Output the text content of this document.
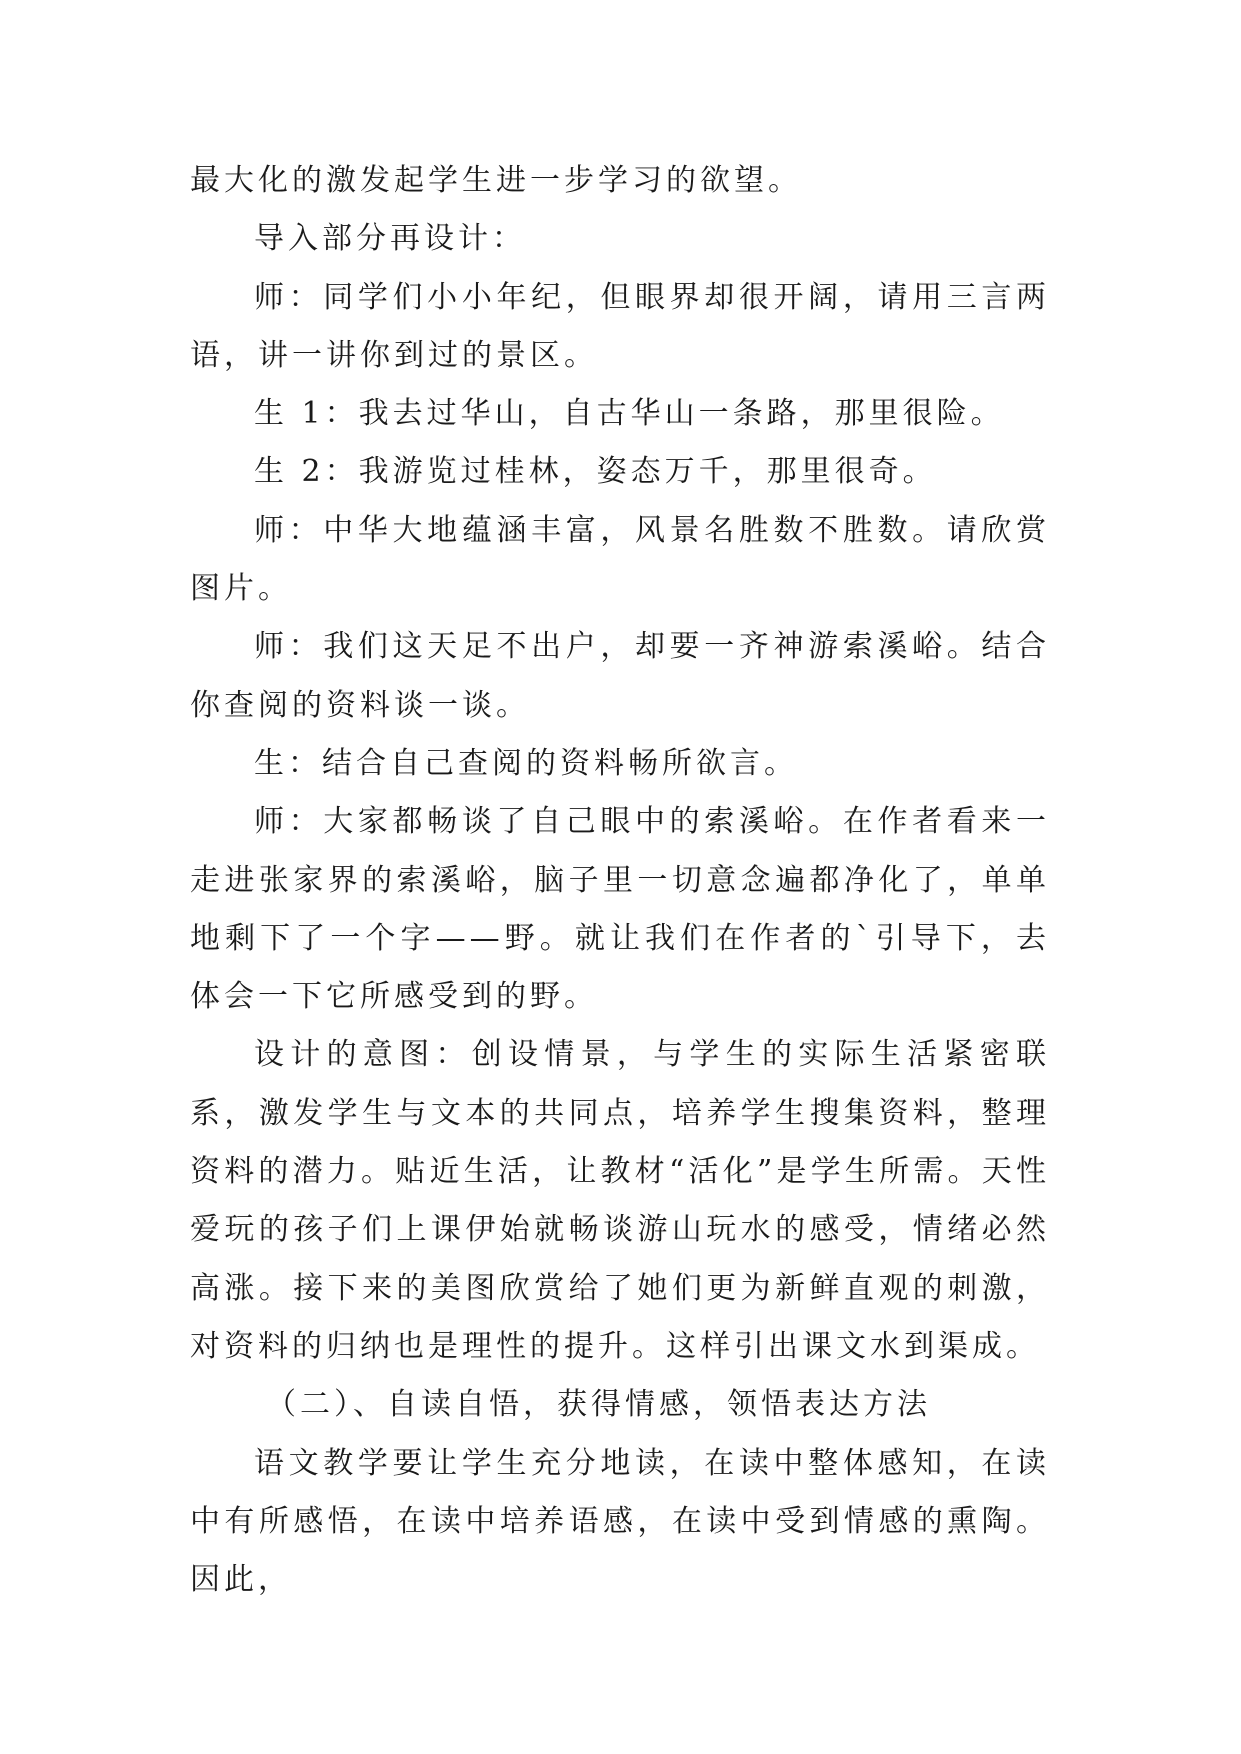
最大化的激发起学生进一步学习的欲望。

导入部分再设计：

师：同学们小小年纪，但眼界却很开阔，请用三言两语，讲一讲你到过的景区。

生 1：我去过华山，自古华山一条路，那里很险。

生 2：我游览过桂林，姿态万千，那里很奇。

师：中华大地蕴涵丰富，风景名胜数不胜数。请欣赏图片。

师：我们这天足不出户，却要一齐神游索溪峪。结合你查阅的资料谈一谈。

生：结合自己查阅的资料畅所欲言。

师：大家都畅谈了自己眼中的索溪峪。在作者看来一走进张家界的索溪峪，脑子里一切意念遍都净化了，单单地剩下了一个字——野。就让我们在作者的`引导下，去体会一下它所感受到的野。

设计的意图：创设情景，与学生的实际生活紧密联系，激发学生与文本的共同点，培养学生搜集资料，整理资料的潜力。贴近生活，让教材“活化”是学生所需。天性爱玩的孩子们上课伊始就畅谈游山玩水的感受，情绪必然高涨。接下来的美图欣赏给了她们更为新鲜直观的刺激，对资料的归纳也是理性的提升。这样引出课文水到渠成。

（二）、自读自悟，获得情感，领悟表达方法

语文教学要让学生充分地读，在读中整体感知，在读中有所感悟，在读中培养语感，在读中受到情感的熏陶。因此，
